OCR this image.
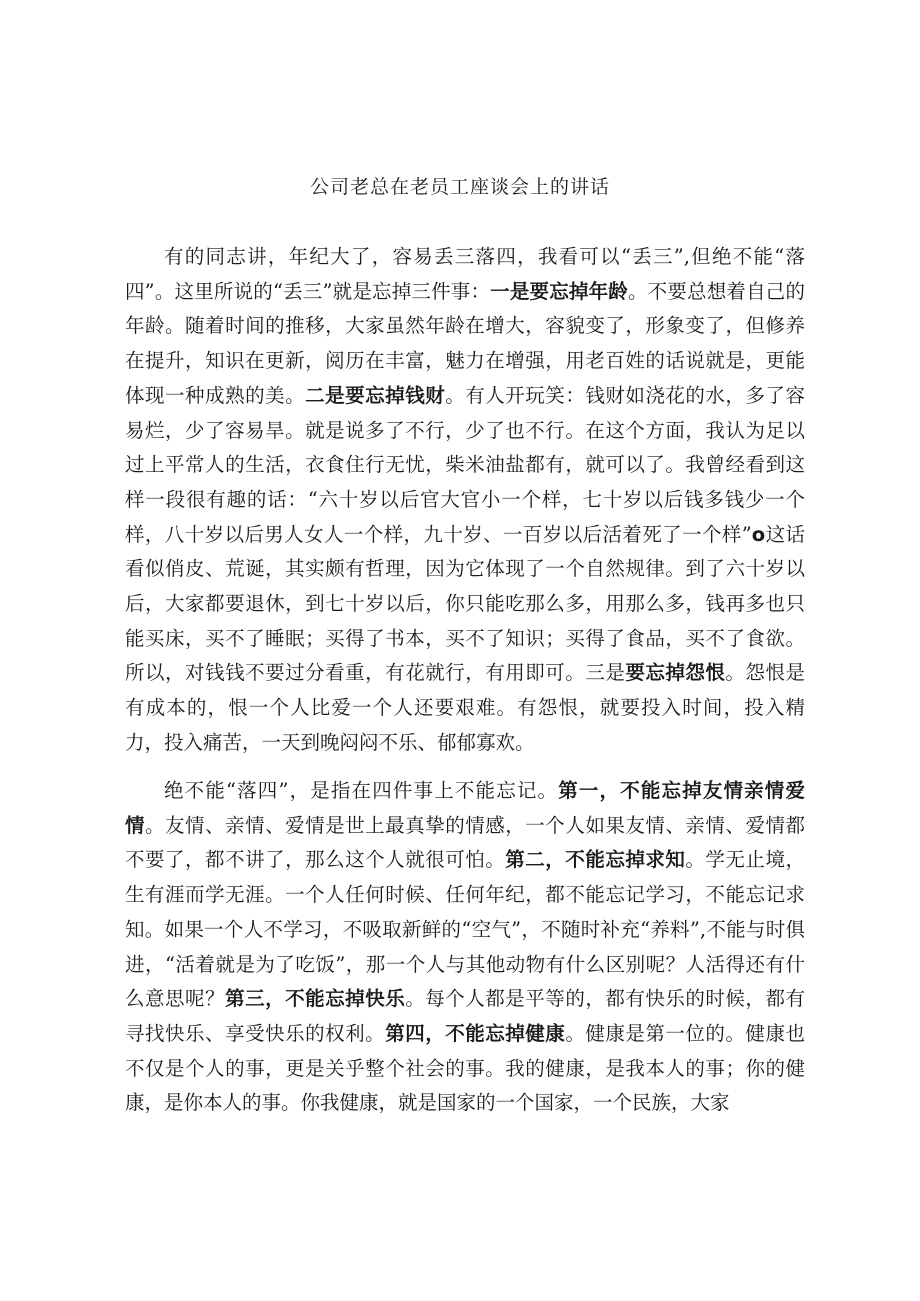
公司老总在老员工座谈会上的讲话

有的同志讲，年纪大了，容易丢三落四，我看可以“丢三”,但绝不能“落四”。这里所说的“丢三”就是忘掉三件事：一是要忘掉年龄。不要总想着自己的年龄。随着时间的推移，大家虽然年龄在增大，容貌变了，形象变了，但修养在提升，知识在更新，阅历在丰富，魅力在增强，用老百姓的话说就是，更能体现一种成熟的美。二是要忘掉钱财。有人开玩笑：钱财如浇花的水，多了容易烂，少了容易旱。就是说多了不行，少了也不行。在这个方面，我认为足以过上平常人的生活，衣食住行无忧，柴米油盐都有，就可以了。我曾经看到这样一段很有趣的话：“六十岁以后官大官小一个样，七十岁以后钱多钱少一个样，八十岁以后男人女人一个样，九十岁、一百岁以后活着死了一个样”o这话看似俏皮、荒诞，其实颇有哲理，因为它体现了一个自然规律。到了六十岁以后，大家都要退休，到七十岁以后，你只能吃那么多，用那么多，钱再多也只能买床，买不了睡眠；买得了书本，买不了知识；买得了食品，买不了食欲。所以，对钱钱不要过分看重，有花就行，有用即可。三是要忘掉怨恨。怨恨是有成本的，恨一个人比爱一个人还要艰难。有怨恨，就要投入时间，投入精力，投入痛苦，一天到晚闷闷不乐、郁郁寡欢。

绝不能“落四”，是指在四件事上不能忘记。第一，不能忘掉友情亲情爱情。友情、亲情、爱情是世上最真挚的情感，一个人如果友情、亲情、爱情都不要了，都不讲了，那么这个人就很可怕。第二，不能忘掉求知。学无止境，生有涯而学无涯。一个人任何时候、任何年纪，都不能忘记学习，不能忘记求知。如果一个人不学习，不吸取新鲜的“空气”，不随时补充“养料”,不能与时俱进，“活着就是为了吃饭”，那一个人与其他动物有什么区别呢？人活得还有什么意思呢？第三，不能忘掉快乐。每个人都是平等的，都有快乐的时候，都有寻找快乐、享受快乐的权利。第四，不能忘掉健康。健康是第一位的。健康也不仅是个人的事，更是关乎整个社会的事。我的健康，是我本人的事；你的健康，是你本人的事。你我健康，就是国家的一个国家，一个民族，大家
